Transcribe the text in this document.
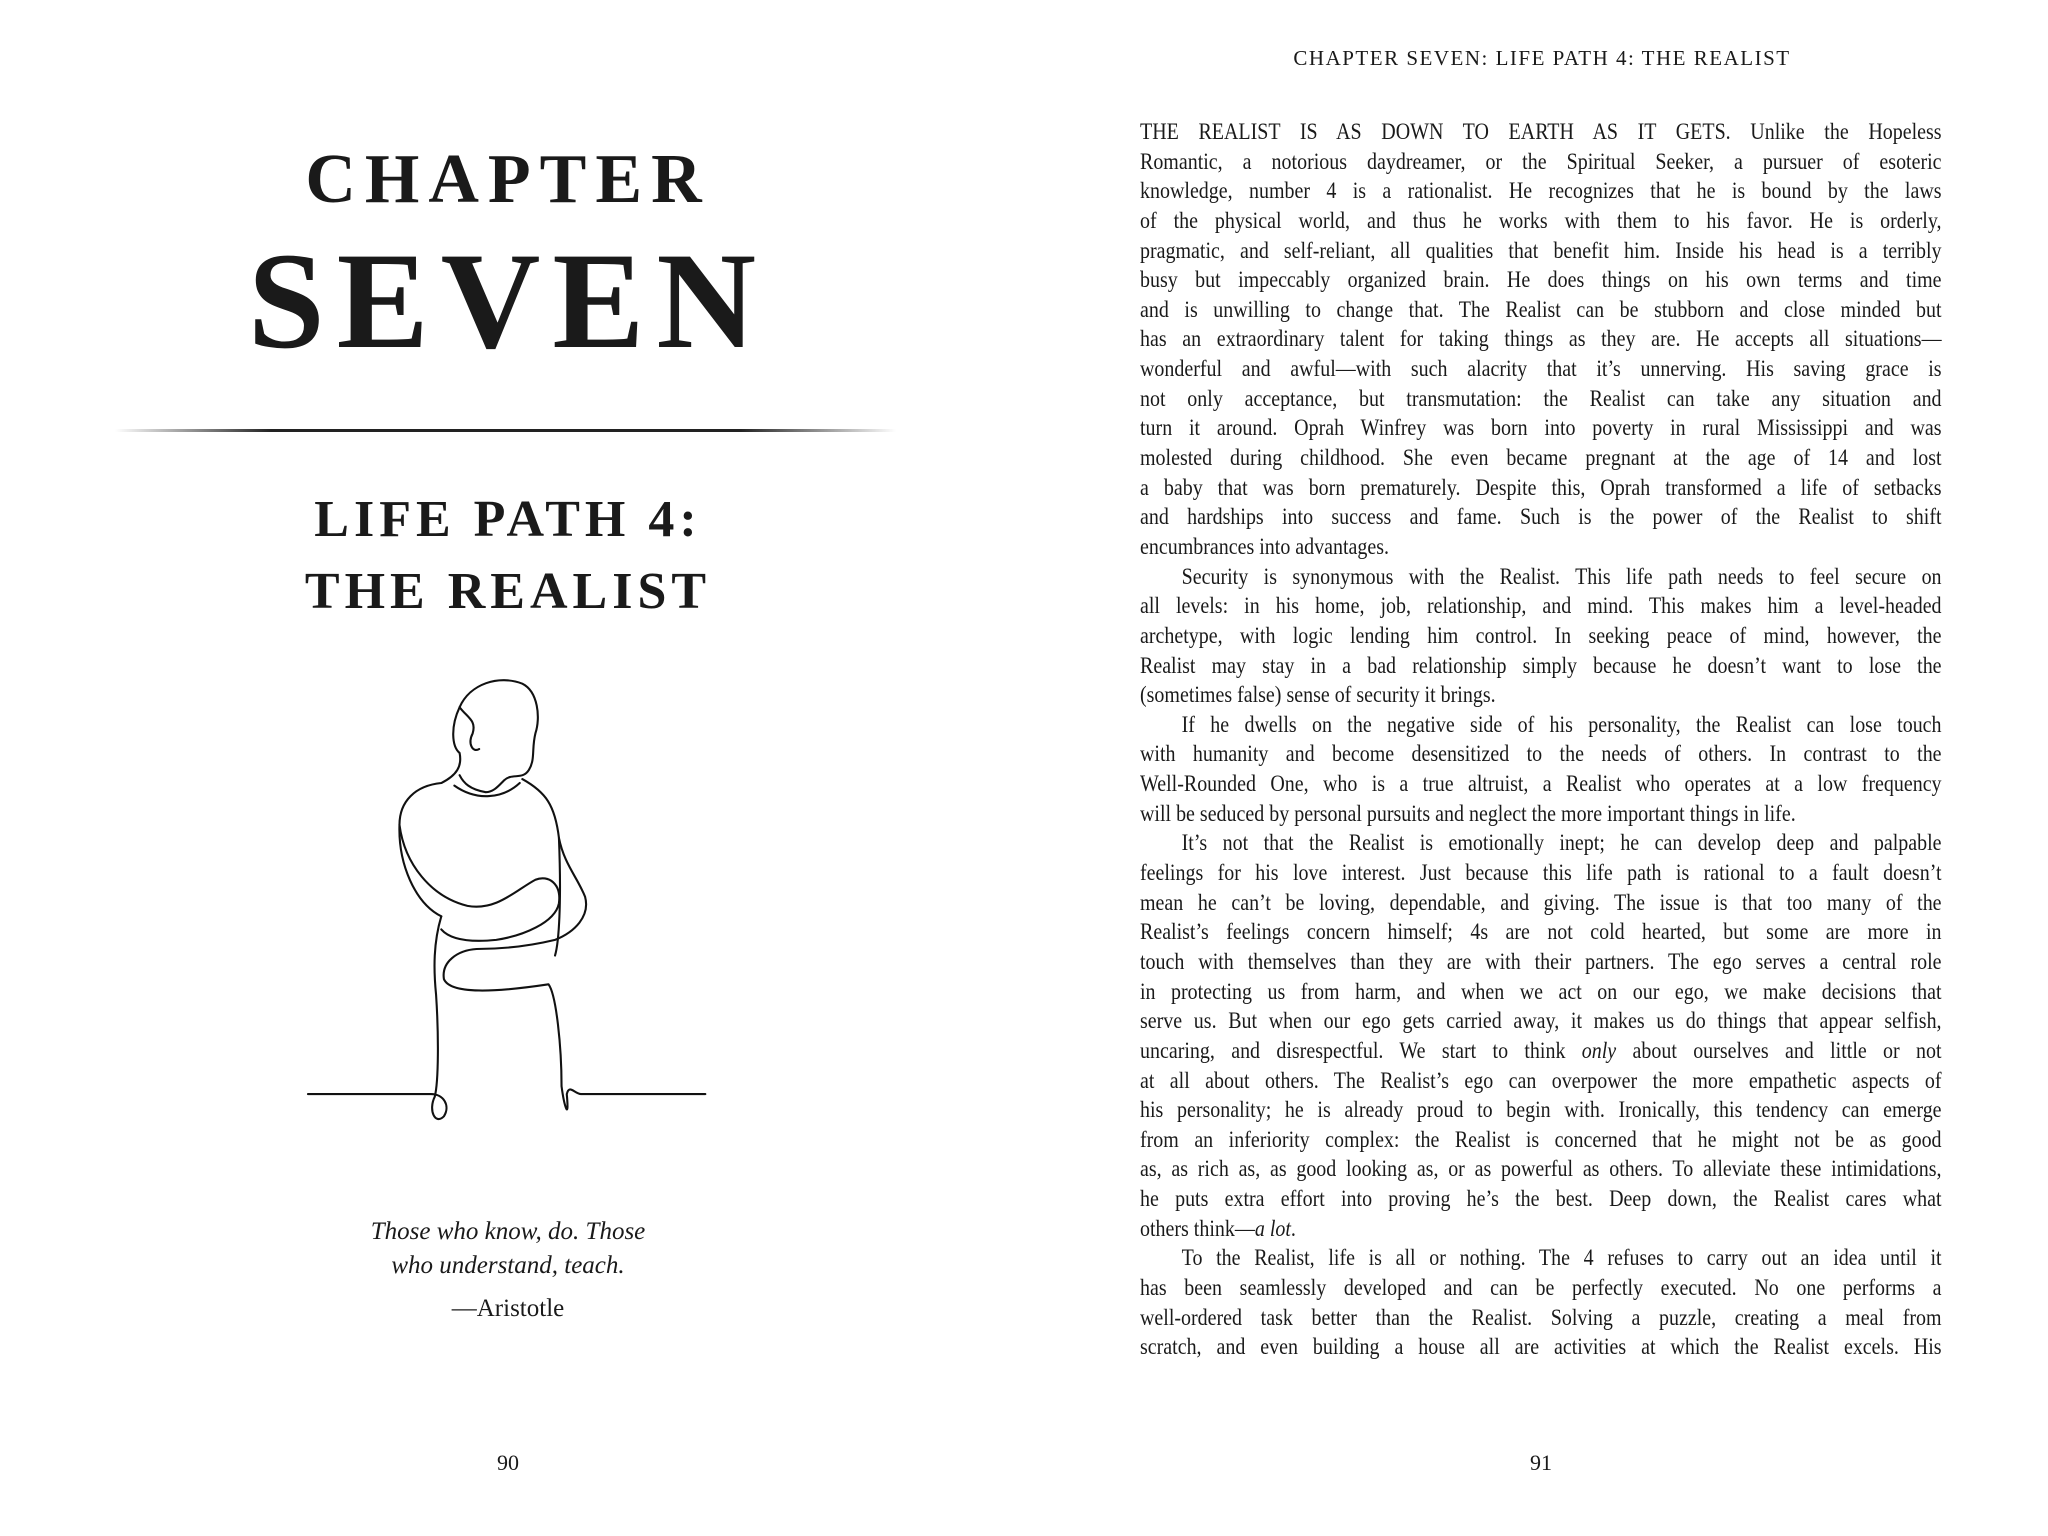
CHAPTER
SEVEN
LIFE PATH 4:
THE REALIST
Those who know, do. Those
who understand, teach.
—Aristotle
90
CHAPTER SEVEN: LIFE PATH 4: THE REALIST
THE REALIST IS AS DOWN TO EARTH AS IT GETS. Unlike the Hopeless
Romantic, a notorious daydreamer, or the Spiritual Seeker, a pursuer of esoteric
knowledge, number 4 is a rationalist. He recognizes that he is bound by the laws
of the physical world, and thus he works with them to his favor. He is orderly,
pragmatic, and self-reliant, all qualities that benefit him. Inside his head is a terribly
busy but impeccably organized brain. He does things on his own terms and time
and is unwilling to change that. The Realist can be stubborn and close minded but
has an extraordinary talent for taking things as they are. He accepts all situations—
wonderful and awful—with such alacrity that it’s unnerving. His saving grace is
not only acceptance, but transmutation: the Realist can take any situation and
turn it around. Oprah Winfrey was born into poverty in rural Mississippi and was
molested during childhood. She even became pregnant at the age of 14 and lost
a baby that was born prematurely. Despite this, Oprah transformed a life of setbacks
and hardships into success and fame. Such is the power of the Realist to shift
encumbrances into advantages.
Security is synonymous with the Realist. This life path needs to feel secure on
all levels: in his home, job, relationship, and mind. This makes him a level-headed
archetype, with logic lending him control. In seeking peace of mind, however, the
Realist may stay in a bad relationship simply because he doesn’t want to lose the
(sometimes false) sense of security it brings.
If he dwells on the negative side of his personality, the Realist can lose touch
with humanity and become desensitized to the needs of others. In contrast to the
Well-Rounded One, who is a true altruist, a Realist who operates at a low frequency
will be seduced by personal pursuits and neglect the more important things in life.
It’s not that the Realist is emotionally inept; he can develop deep and palpable
feelings for his love interest. Just because this life path is rational to a fault doesn’t
mean he can’t be loving, dependable, and giving. The issue is that too many of the
Realist’s feelings concern himself; 4s are not cold hearted, but some are more in
touch with themselves than they are with their partners. The ego serves a central role
in protecting us from harm, and when we act on our ego, we make decisions that
serve us. But when our ego gets carried away, it makes us do things that appear selfish,
uncaring, and disrespectful. We start to think only about ourselves and little or not
at all about others. The Realist’s ego can overpower the more empathetic aspects of
his personality; he is already proud to begin with. Ironically, this tendency can emerge
from an inferiority complex: the Realist is concerned that he might not be as good
as, as rich as, as good looking as, or as powerful as others. To alleviate these intimidations,
he puts extra effort into proving he’s the best. Deep down, the Realist cares what
others think—a lot.
To the Realist, life is all or nothing. The 4 refuses to carry out an idea until it
has been seamlessly developed and can be perfectly executed. No one performs a
well-ordered task better than the Realist. Solving a puzzle, creating a meal from
scratch, and even building a house all are activities at which the Realist excels. His
91
